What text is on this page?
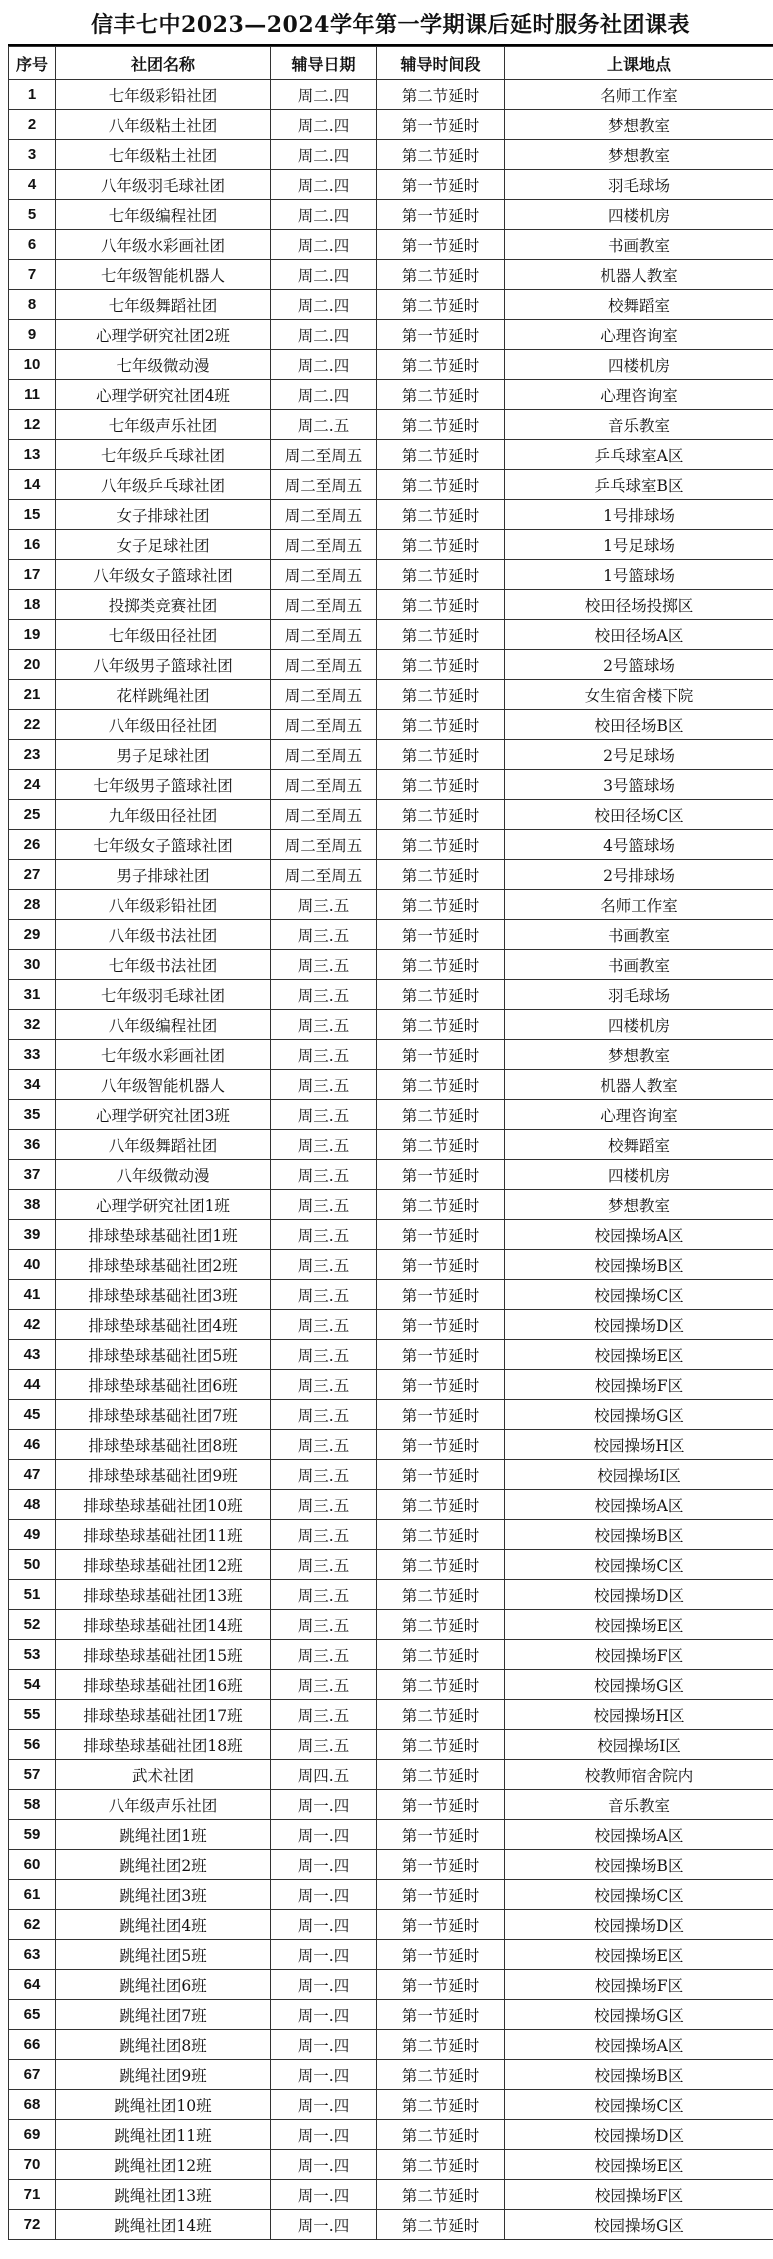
信丰七中2023—2024学年第一学期课后延时服务社团课表
序号	社团名称	辅导日期	辅导时间段	上课地点
1	七年级彩铅社团	周二.四	第二节延时	名师工作室
2	八年级粘土社团	周二.四	第一节延时	梦想教室
3	七年级粘土社团	周二.四	第二节延时	梦想教室
4	八年级羽毛球社团	周二.四	第一节延时	羽毛球场
5	七年级编程社团	周二.四	第一节延时	四楼机房
6	八年级水彩画社团	周二.四	第一节延时	书画教室
7	七年级智能机器人	周二.四	第二节延时	机器人教室
8	七年级舞蹈社团	周二.四	第二节延时	校舞蹈室
9	心理学研究社团2班	周二.四	第一节延时	心理咨询室
10	七年级微动漫	周二.四	第二节延时	四楼机房
11	心理学研究社团4班	周二.四	第二节延时	心理咨询室
12	七年级声乐社团	周二.五	第二节延时	音乐教室
13	七年级乒乓球社团	周二至周五	第二节延时	乒乓球室A区
14	八年级乒乓球社团	周二至周五	第二节延时	乒乓球室B区
15	女子排球社团	周二至周五	第二节延时	1号排球场
16	女子足球社团	周二至周五	第二节延时	1号足球场
17	八年级女子篮球社团	周二至周五	第二节延时	1号篮球场
18	投掷类竞赛社团	周二至周五	第二节延时	校田径场投掷区
19	七年级田径社团	周二至周五	第二节延时	校田径场A区
20	八年级男子篮球社团	周二至周五	第二节延时	2号篮球场
21	花样跳绳社团	周二至周五	第二节延时	女生宿舍楼下院
22	八年级田径社团	周二至周五	第二节延时	校田径场B区
23	男子足球社团	周二至周五	第二节延时	2号足球场
24	七年级男子篮球社团	周二至周五	第二节延时	3号篮球场
25	九年级田径社团	周二至周五	第二节延时	校田径场C区
26	七年级女子篮球社团	周二至周五	第二节延时	4号篮球场
27	男子排球社团	周二至周五	第二节延时	2号排球场
28	八年级彩铅社团	周三.五	第二节延时	名师工作室
29	八年级书法社团	周三.五	第一节延时	书画教室
30	七年级书法社团	周三.五	第二节延时	书画教室
31	七年级羽毛球社团	周三.五	第二节延时	羽毛球场
32	八年级编程社团	周三.五	第二节延时	四楼机房
33	七年级水彩画社团	周三.五	第一节延时	梦想教室
34	八年级智能机器人	周三.五	第二节延时	机器人教室
35	心理学研究社团3班	周三.五	第二节延时	心理咨询室
36	八年级舞蹈社团	周三.五	第二节延时	校舞蹈室
37	八年级微动漫	周三.五	第一节延时	四楼机房
38	心理学研究社团1班	周三.五	第二节延时	梦想教室
39	排球垫球基础社团1班	周三.五	第一节延时	校园操场A区
40	排球垫球基础社团2班	周三.五	第一节延时	校园操场B区
41	排球垫球基础社团3班	周三.五	第一节延时	校园操场C区
42	排球垫球基础社团4班	周三.五	第一节延时	校园操场D区
43	排球垫球基础社团5班	周三.五	第一节延时	校园操场E区
44	排球垫球基础社团6班	周三.五	第一节延时	校园操场F区
45	排球垫球基础社团7班	周三.五	第一节延时	校园操场G区
46	排球垫球基础社团8班	周三.五	第一节延时	校园操场H区
47	排球垫球基础社团9班	周三.五	第一节延时	校园操场I区
48	排球垫球基础社团10班	周三.五	第二节延时	校园操场A区
49	排球垫球基础社团11班	周三.五	第二节延时	校园操场B区
50	排球垫球基础社团12班	周三.五	第二节延时	校园操场C区
51	排球垫球基础社团13班	周三.五	第二节延时	校园操场D区
52	排球垫球基础社团14班	周三.五	第二节延时	校园操场E区
53	排球垫球基础社团15班	周三.五	第二节延时	校园操场F区
54	排球垫球基础社团16班	周三.五	第二节延时	校园操场G区
55	排球垫球基础社团17班	周三.五	第二节延时	校园操场H区
56	排球垫球基础社团18班	周三.五	第二节延时	校园操场I区
57	武术社团	周四.五	第二节延时	校教师宿舍院内
58	八年级声乐社团	周一.四	第一节延时	音乐教室
59	跳绳社团1班	周一.四	第一节延时	校园操场A区
60	跳绳社团2班	周一.四	第一节延时	校园操场B区
61	跳绳社团3班	周一.四	第一节延时	校园操场C区
62	跳绳社团4班	周一.四	第一节延时	校园操场D区
63	跳绳社团5班	周一.四	第一节延时	校园操场E区
64	跳绳社团6班	周一.四	第一节延时	校园操场F区
65	跳绳社团7班	周一.四	第一节延时	校园操场G区
66	跳绳社团8班	周一.四	第二节延时	校园操场A区
67	跳绳社团9班	周一.四	第二节延时	校园操场B区
68	跳绳社团10班	周一.四	第二节延时	校园操场C区
69	跳绳社团11班	周一.四	第二节延时	校园操场D区
70	跳绳社团12班	周一.四	第二节延时	校园操场E区
71	跳绳社团13班	周一.四	第二节延时	校园操场F区
72	跳绳社团14班	周一.四	第二节延时	校园操场G区
